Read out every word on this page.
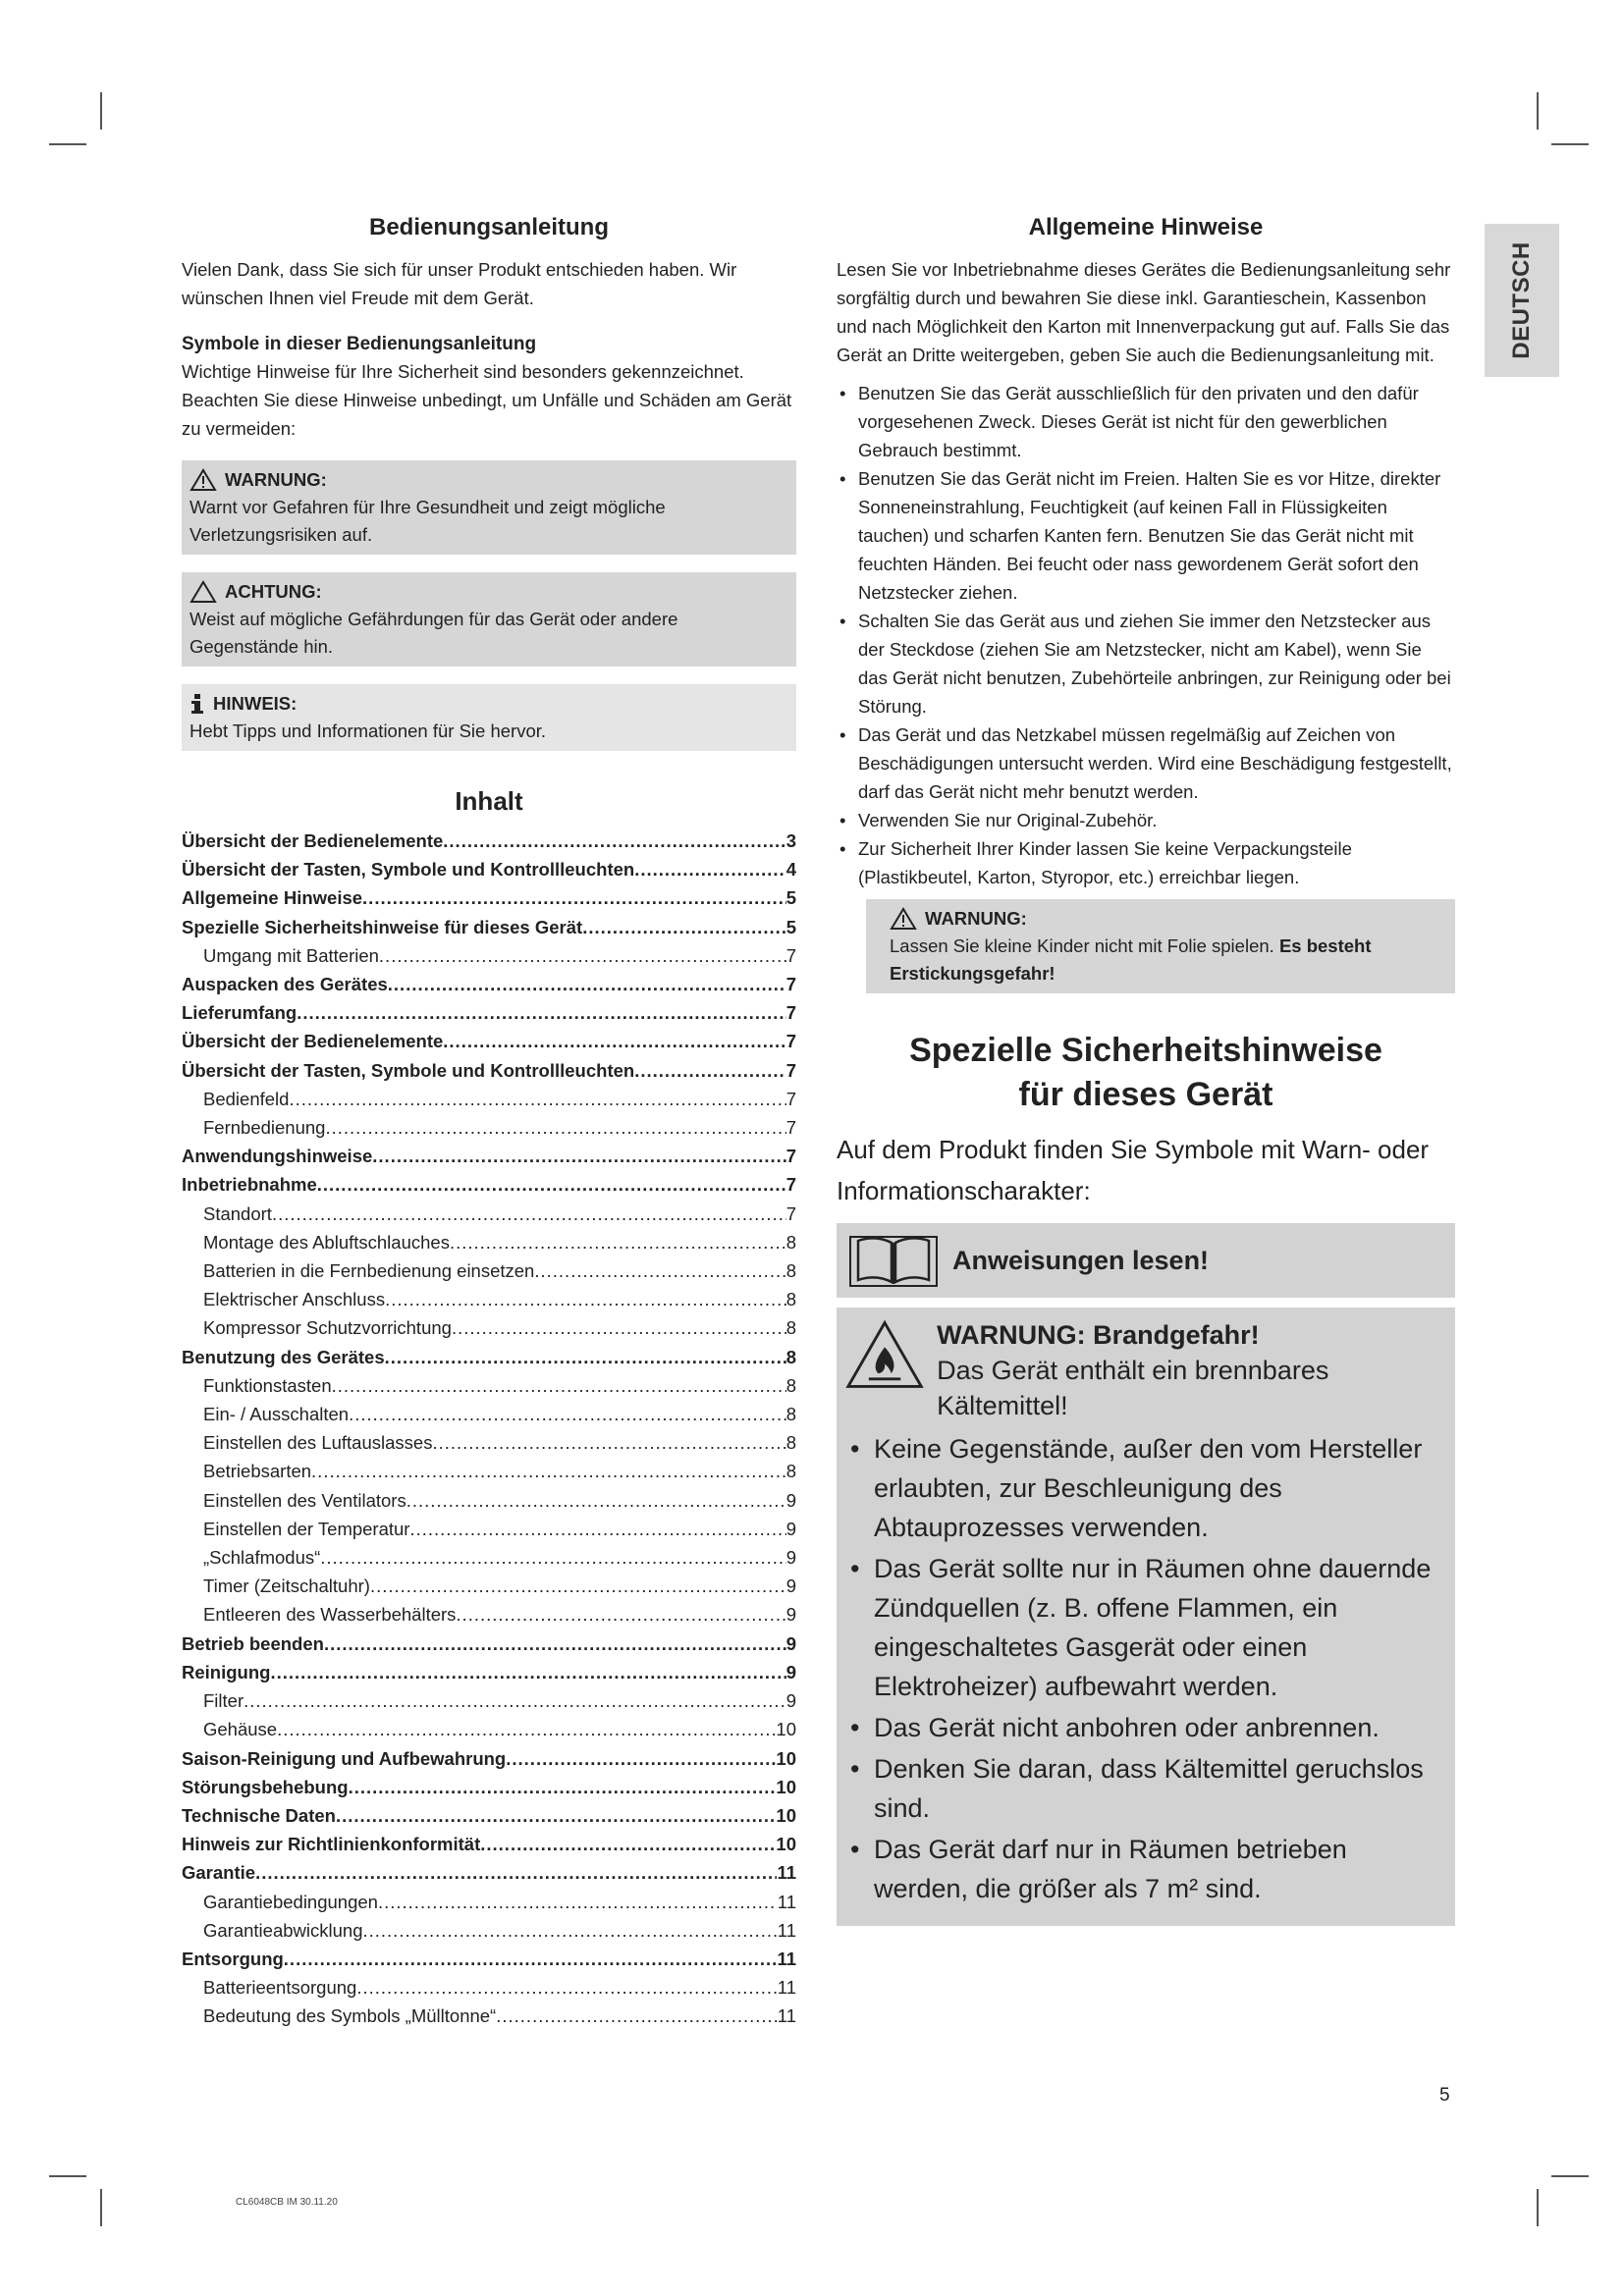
DEUTSCH
Bedienungsanleitung

Vielen Dank, dass Sie sich für unser Produkt entschieden haben. Wir wünschen Ihnen viel Freude mit dem Gerät.

Symbole in dieser Bedienungsanleitung

Wichtige Hinweise für Ihre Sicherheit sind besonders gekennzeichnet. Beachten Sie diese Hinweise unbedingt, um Unfälle und Schäden am Gerät zu vermeiden:

WARNUNG:
Warnt vor Gefahren für Ihre Gesundheit und zeigt mögliche Verletzungsrisiken auf.
ACHTUNG:
Weist auf mögliche Gefährdungen für das Gerät oder andere Gegenstände hin.
HINWEIS:
Hebt Tipps und Informationen für Sie hervor.
Inhalt
Übersicht der Bedienelemente .....	3
Übersicht der Tasten, Symbole und Kontrollleuchten .....	4
Allgemeine Hinweise .....	5
Spezielle Sicherheitshinweise für dieses Gerät .....	5
Umgang mit Batterien .....	7
Auspacken des Gerätes .....	7
Lieferumfang .....	7
Übersicht der Bedienelemente .....	7
Übersicht der Tasten, Symbole und Kontrollleuchten .....	7
Bedienfeld .....	7
Fernbedienung .....	7
Anwendungshinweise .....	7
Inbetriebnahme .....	7
Standort .....	7
Montage des Abluftschlauches .....	8
Batterien in die Fernbedienung einsetzen .....	8
Elektrischer Anschluss .....	8
Kompressor Schutzvorrichtung .....	8
Benutzung des Gerätes .....	8
Funktionstasten .....	8
Ein- / Ausschalten .....	8
Einstellen des Luftauslasses .....	8
Betriebsarten .....	8
Einstellen des Ventilators .....	9
Einstellen der Temperatur .....	9
„Schlafmodus“ .....	9
Timer (Zeitschaltuhr) .....	9
Entleeren des Wasserbehälters .....	9
Betrieb beenden .....	9
Reinigung .....	9
Filter .....	9
Gehäuse .....	10
Saison-Reinigung und Aufbewahrung .....	10
Störungsbehebung .....	10
Technische Daten .....	10
Hinweis zur Richtlinienkonformität .....	10
Garantie .....	11
Garantiebedingungen .....	11
Garantieabwicklung .....	11
Entsorgung .....	11
Batterieentsorgung .....	11
Bedeutung des Symbols „Mülltonne“ .....	11
Allgemeine Hinweise

Lesen Sie vor Inbetriebnahme dieses Gerätes die Bedienungsanleitung sehr sorgfältig durch und bewahren Sie diese inkl. Garantieschein, Kassenbon und nach Möglichkeit den Karton mit Innenverpackung gut auf. Falls Sie das Gerät an Dritte weitergeben, geben Sie auch die Bedienungsanleitung mit.

• Benutzen Sie das Gerät ausschließlich für den privaten und den dafür vorgesehenen Zweck. Dieses Gerät ist nicht für den gewerblichen Gebrauch bestimmt.
• Benutzen Sie das Gerät nicht im Freien. Halten Sie es vor Hitze, direkter Sonneneinstrahlung, Feuchtigkeit (auf keinen Fall in Flüssigkeiten tauchen) und scharfen Kanten fern. Benutzen Sie das Gerät nicht mit feuchten Händen. Bei feucht oder nass gewordenem Gerät sofort den Netzstecker ziehen.
• Schalten Sie das Gerät aus und ziehen Sie immer den Netzstecker aus der Steckdose (ziehen Sie am Netzstecker, nicht am Kabel), wenn Sie das Gerät nicht benutzen, Zubehörteile anbringen, zur Reinigung oder bei Störung.
• Das Gerät und das Netzkabel müssen regelmäßig auf Zeichen von Beschädigungen untersucht werden. Wird eine Beschädigung festgestellt, darf das Gerät nicht mehr benutzt werden.
• Verwenden Sie nur Original-Zubehör.
• Zur Sicherheit Ihrer Kinder lassen Sie keine Verpackungsteile (Plastikbeutel, Karton, Styropor, etc.) erreichbar liegen.
WARNUNG:
Lassen Sie kleine Kinder nicht mit Folie spielen. Es besteht Erstickungsgefahr!
Spezielle Sicherheitshinweise
für dieses Gerät

Auf dem Produkt finden Sie Symbole mit Warn- oder Informationscharakter:

Anweisungen lesen!
WARNUNG: Brandgefahr!
Das Gerät enthält ein brennbares Kältemittel!
• Keine Gegenstände, außer den vom Hersteller erlaubten, zur Beschleunigung des Abtauprozesses verwenden.
• Das Gerät sollte nur in Räumen ohne dauernde Zündquellen (z. B. offene Flammen, ein eingeschaltetes Gasgerät oder einen Elektroheizer) aufbewahrt werden.
• Das Gerät nicht anbohren oder anbrennen.
• Denken Sie daran, dass Kältemittel geruchslos sind.
• Das Gerät darf nur in Räumen betrieben werden, die größer als 7 m² sind.
5
CL6048CB IM 30.11.20
